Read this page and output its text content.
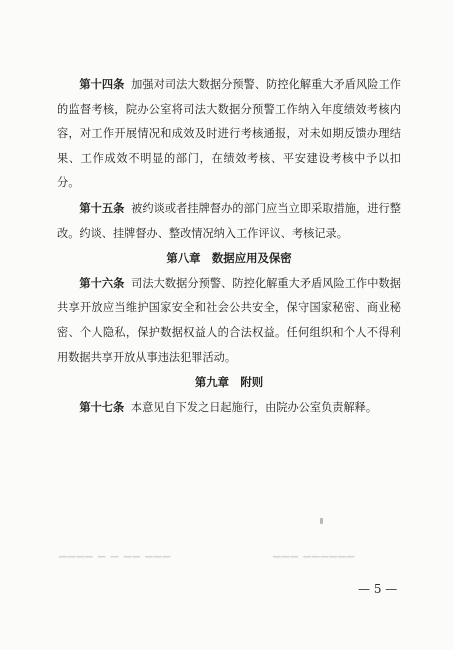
第十四条 加强对司法大数据分预警、防控化解重大矛盾风险工作的监督考核，院办公室将司法大数据分预警工作纳入年度绩效考核内容，对工作开展情况和成效及时进行考核通报，对未如期反馈办理结果、工作成效不明显的部门，在绩效考核、平安建设考核中予以扣分。

第十五条 被约谈或者挂牌督办的部门应当立即采取措施，进行整改。约谈、挂牌督办、整改情况纳入工作评议、考核记录。

第八章　数据应用及保密

第十六条 司法大数据分预警、防控化解重大矛盾风险工作中数据共享开放应当维护国家安全和社会公共安全，保守国家秘密、商业秘密、个人隐私，保护数据权益人的合法权益。任何组织和个人不得利用数据共享开放从事违法犯罪活动。

第九章　附则

第十七条 本意见自下发之日起施行，由院办公室负责解释。

▁▁▁ ▁▁ ▁ ▁ ▁▁▁▁	▁▁▁▁▁▁ ▁▁▁
— 5 —
